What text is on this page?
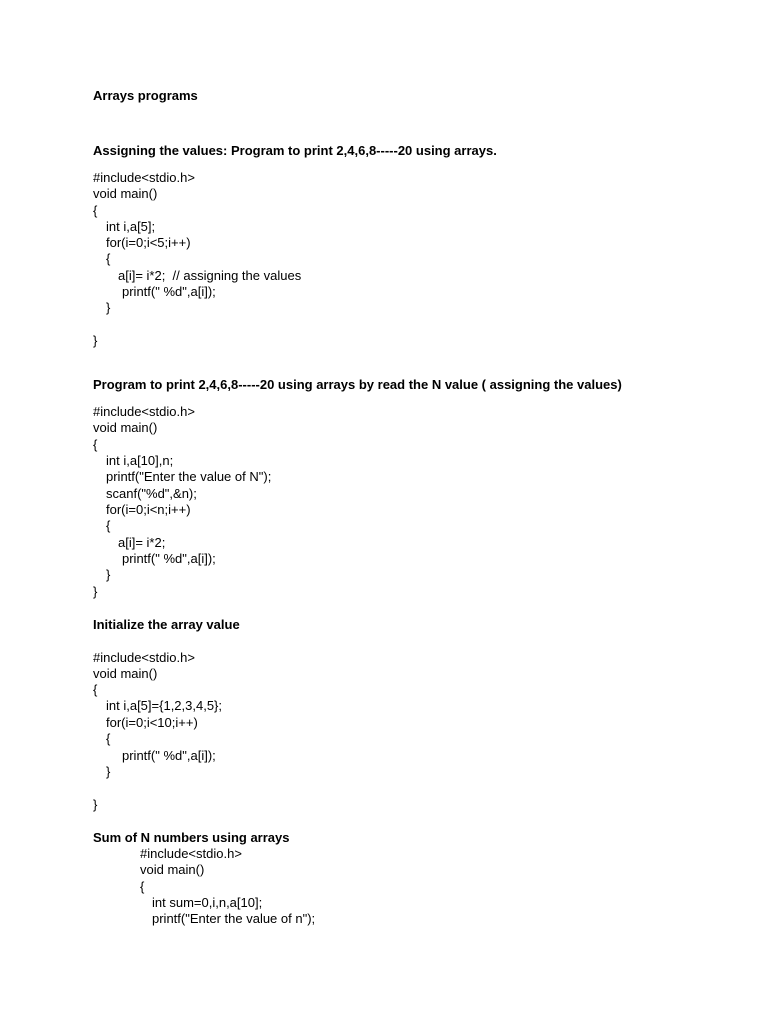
Arrays programs
Assigning the values: Program to print 2,4,6,8-----20 using arrays.
#include<stdio.h>
void main()
{
int i,a[5];
for(i=0;i<5;i++)
{
a[i]= i*2;  // assigning the values
printf(" %d",a[i]);
}
}
Program to print 2,4,6,8-----20 using arrays by read the N value ( assigning the values)
#include<stdio.h>
void main()
{
int i,a[10],n;
printf("Enter the value of N");
scanf("%d",&n);
for(i=0;i<n;i++)
{
a[i]= i*2;
printf(" %d",a[i]);
}
}
Initialize the array value
#include<stdio.h>
void main()
{
int i,a[5]={1,2,3,4,5};
for(i=0;i<10;i++)
{
printf(" %d",a[i]);
}
}
Sum of N numbers using arrays
#include<stdio.h>
void main()
{
int sum=0,i,n,a[10];
printf("Enter the value of n");
